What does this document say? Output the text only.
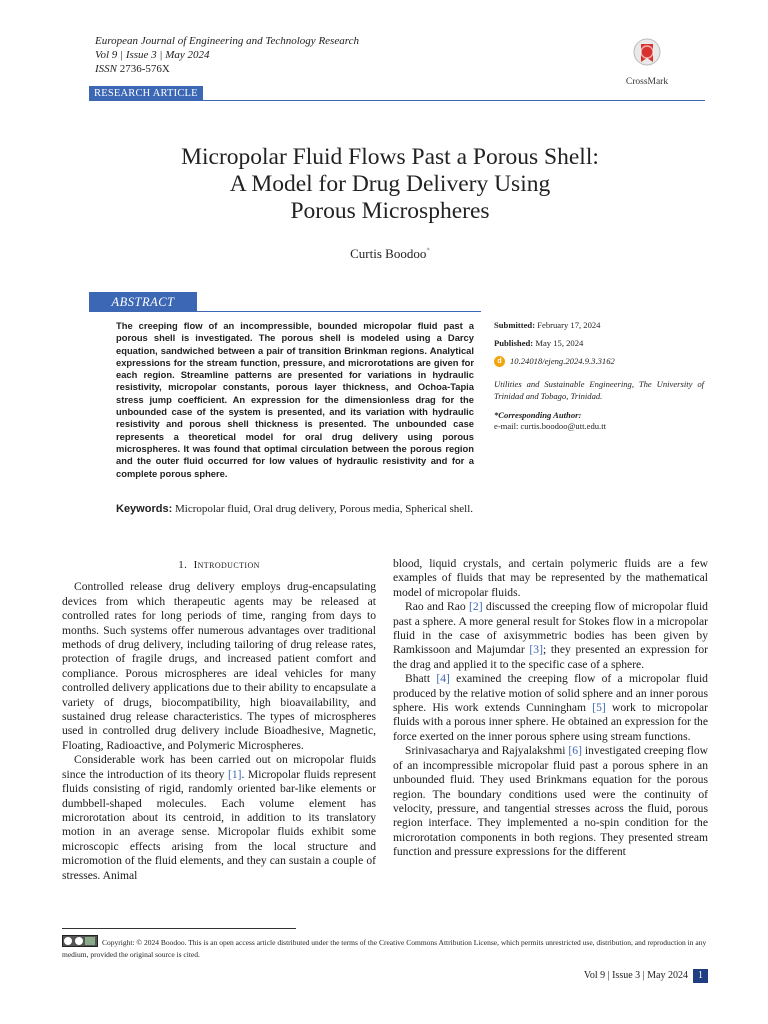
European Journal of Engineering and Technology Research
Vol 9 | Issue 3 | May 2024
ISSN 2736-576X
CrossMark
RESEARCH ARTICLE
Micropolar Fluid Flows Past a Porous Shell:
A Model for Drug Delivery Using
Porous Microspheres
Curtis Boodoo*
ABSTRACT
The creeping flow of an incompressible, bounded micropolar fluid past a porous shell is investigated. The porous shell is modeled using a Darcy equation, sandwiched between a pair of transition Brinkman regions. Analytical expressions for the stream function, pressure, and microrotations are given for each region. Streamline patterns are presented for variations in hydraulic resistivity, micropolar constants, porous layer thickness, and Ochoa-Tapia stress jump coefficient. An expression for the dimensionless drag for the unbounded case of the system is presented, and its variation with hydraulic resistivity and porous shell thickness is presented. The unbounded case represents a theoretical model for oral drug delivery using porous microspheres. It was found that optimal circulation between the porous region and the outer fluid occurred for low values of hydraulic resistivity and for a complete porous sphere.
Keywords: Micropolar fluid, Oral drug delivery, Porous media, Spherical shell.
Submitted: February 17, 2024
Published: May 15, 2024
d 10.24018/ejeng.2024.9.3.3162
Utilities and Sustainable Engineering, The University of Trinidad and Tobago, Trinidad.
*Corresponding Author:
e-mail: curtis.boodoo@utt.edu.tt

1. Introduction

Controlled release drug delivery employs drug-encapsulating devices from which therapeutic agents may be released at controlled rates for long periods of time, ranging from days to months. Such systems offer numerous advantages over traditional methods of drug delivery, including tailoring of drug release rates, protection of fragile drugs, and increased patient comfort and compliance. Porous microspheres are ideal vehicles for many controlled delivery applications due to their ability to encapsulate a variety of drugs, biocompatibility, high bioavailability, and sustained drug release characteristics. The types of microspheres used in controlled drug delivery include Bioadhesive, Magnetic, Floating, Radioactive, and Polymeric Microspheres.

Considerable work has been carried out on micropolar fluids since the introduction of its theory [1]. Micropolar fluids represent fluids consisting of rigid, randomly oriented bar-like elements or dumbbell-shaped molecules. Each volume element has microrotation about its centroid, in addition to its translatory motion in an average sense. Micropolar fluids exhibit some microscopic effects arising from the local structure and micromotion of the fluid elements, and they can sustain a couple of stresses. Animal

blood, liquid crystals, and certain polymeric fluids are a few examples of fluids that may be represented by the mathematical model of micropolar fluids.

Rao and Rao [2] discussed the creeping flow of micropolar fluid past a sphere. A more general result for Stokes flow in a micropolar fluid in the case of axisymmetric bodies has been given by Ramkissoon and Majumdar [3]; they presented an expression for the drag and applied it to the specific case of a sphere.

Bhatt [4] examined the creeping flow of a micropolar fluid produced by the relative motion of solid sphere and an inner porous sphere. His work extends Cunningham [5] work to micropolar fluids with a porous inner sphere. He obtained an expression for the force exerted on the inner porous sphere using stream functions.

Srinivasacharya and Rajyalakshmi [6] investigated creeping flow of an incompressible micropolar fluid past a porous sphere in an unbounded fluid. They used Brinkmans equation for the porous region. The boundary conditions used were the continuity of velocity, pressure, and tangential stresses across the fluid, porous region interface. They implemented a no-spin condition for the microrotation components in both regions. They presented stream function and pressure expressions for the different

Copyright: © 2024 Boodoo. This is an open access article distributed under the terms of the Creative Commons Attribution License, which permits unrestricted use, distribution, and reproduction in any medium, provided the original source is cited.
Vol 9 | Issue 3 | May 2024 1
